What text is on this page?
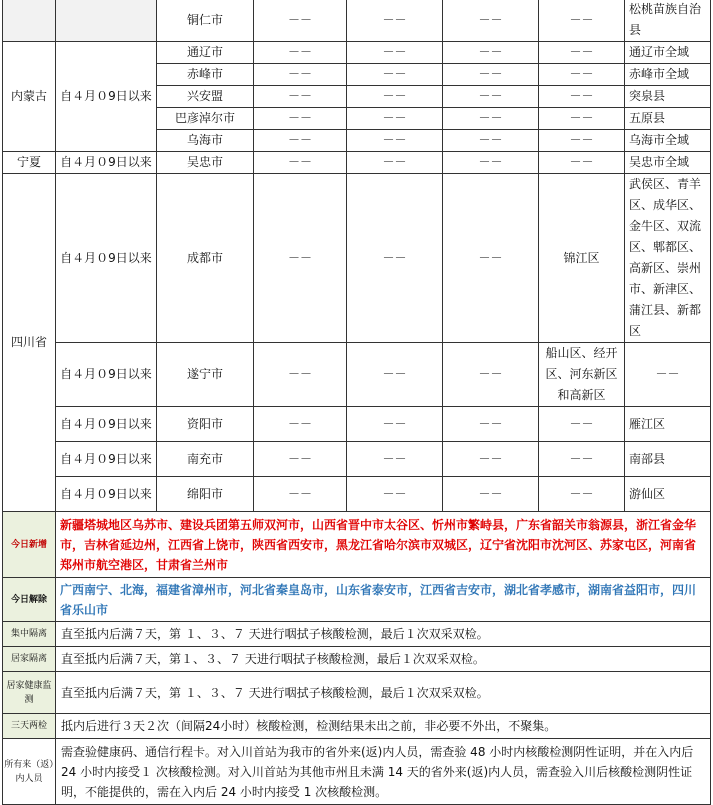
		铜仁市	－－	－－	－－	－－	松桃苗族自治县
内蒙古	自４月０9日以来	通辽市	－－	－－	－－	－－	通辽市全域
		赤峰市	－－	－－	－－	－－	赤峰市全域
		兴安盟	－－	－－	－－	－－	突泉县
		巴彦淖尔市	－－	－－	－－	－－	五原县
		乌海市	－－	－－	－－	－－	乌海市全域
宁夏	自４月０9日以来	吴忠市	－－	－－	－－	－－	吴忠市全域
四川省	自４月０9日以来	成都市	－－	－－	－－	锦江区	武侯区、青羊区、成华区、金牛区、双流区、郫都区、高新区、崇州市、新津区、蒲江县、新都区
	自４月０9日以来	遂宁市	－－	－－	－－	船山区、经开区、河东新区和高新区	－－
	自４月０9日以来	资阳市	－－	－－	－－	－－	雁江区
	自４月０9日以来	南充市	－－	－－	－－	－－	南部县
	自４月０9日以来	绵阳市	－－	－－	－－	－－	游仙区
今日新增	新疆塔城地区乌苏市、建设兵团第五师双河市，山西省晋中市太谷区、忻州市繁峙县，广东省韶关市翁源县，浙江省金华市，吉林省延边州，江西省上饶市，陕西省西安市，黑龙江省哈尔滨市双城区，辽宁省沈阳市沈河区、苏家屯区，河南省郑州市航空港区，甘肃省兰州市						
今日解除	广西南宁、北海，福建省漳州市，河北省秦皇岛市，山东省泰安市，江西省吉安市，湖北省孝感市，湖南省益阳市，四川省乐山市						
集中隔离	直至抵内后满７天，第 １、３、７ 天进行咽拭子核酸检测，最后１次双采双检。						
居家隔离	直至抵内后满７天，第１、３、７ 天进行咽拭子核酸检测，最后１次双采双检。						
居家健康监测	直至抵内后满７天，第 １、３、７ 天进行咽拭子核酸检测，最后１次双采双检。						
三天两检	抵内后进行３天２次（间隔24小时）核酸检测，检测结果未出之前，非必要不外出，不聚集。						
所有来（返）内人员	需查验健康码、通信行程卡。对入川首站为我市的省外来(返)内人员，需查验 48 小时内核酸检测阴性证明，并在入内后 24 小时内接受１ 次核酸检测。对入川首站为其他市州且未满 14 天的省外来(返)内人员，需查验入川后核酸检测阴性证明，不能提供的，需在入内后 24 小时内接受 1 次核酸检测。						
